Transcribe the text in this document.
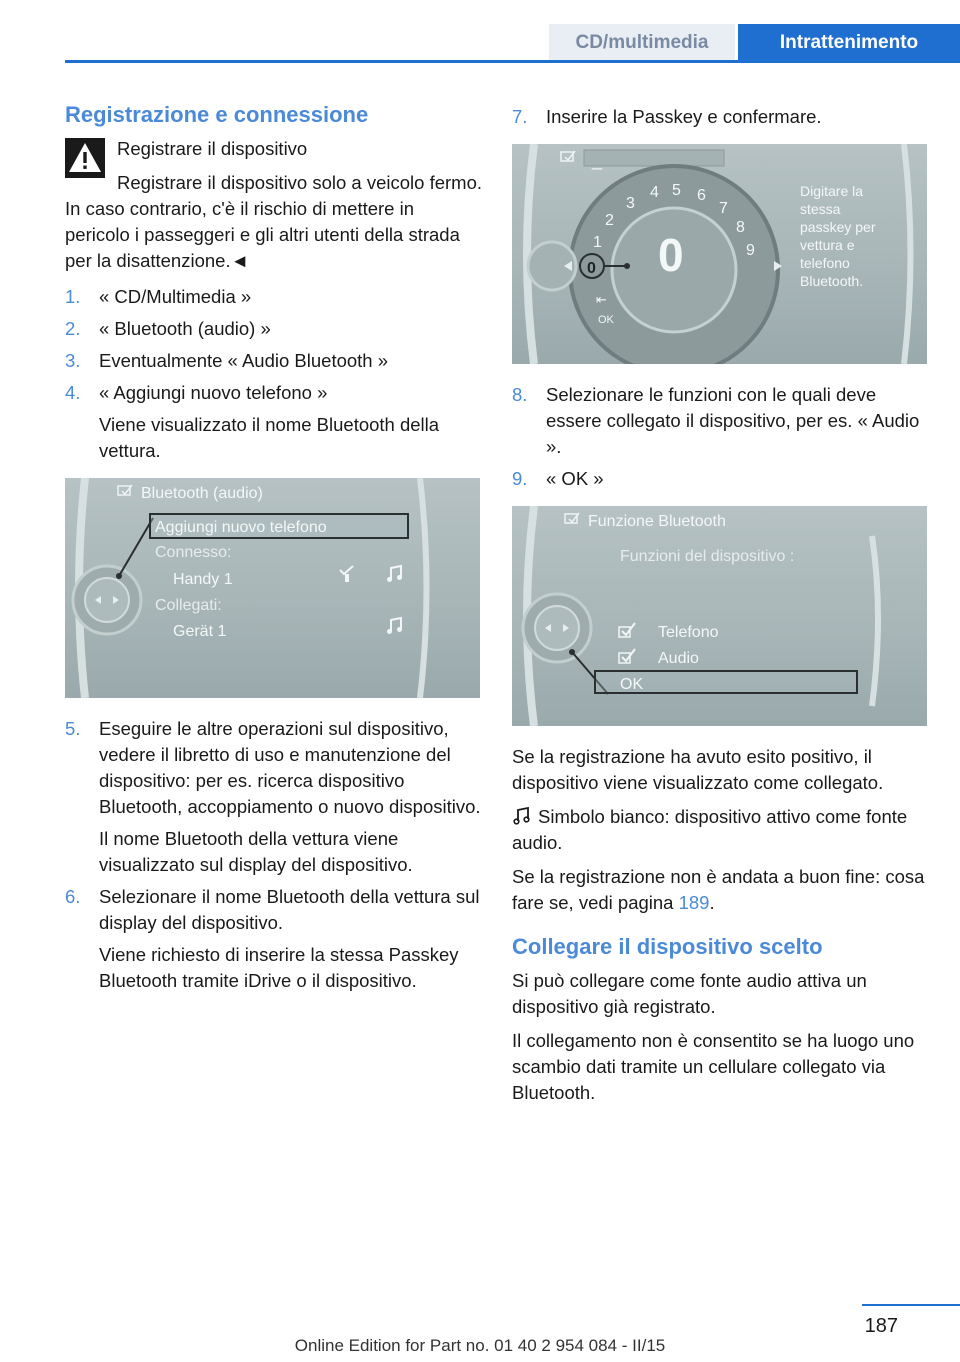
CD/multimedia	Intrattenimento
Registrazione e connessione

Registrare il dispositivo

Registrare il dispositivo solo a veicolo fermo. In caso contrario, c'è il rischio di mettere in pericolo i passeggeri e gli altri utenti della strada per la disattenzione.◄

1. « CD/Multimedia »
2. « Bluetooth (audio) »
3. Eventualmente « Audio Bluetooth »
4. « Aggiungi nuovo telefono »

Viene visualizzato il nome Bluetooth della vettura.

Bluetooth (audio)
Aggiungi nuovo telefono
Connesso:
Handy 1
Collegati:
Gerät 1
5. Eseguire le altre operazioni sul dispositivo, vedere il libretto di uso e manutenzione del dispositivo: per es. ricerca dispositivo Bluetooth, accoppiamento o nuovo dispositivo.

Il nome Bluetooth della vettura viene visualizzato sul display del dispositivo.

6. Selezionare il nome Bluetooth della vettura sul display del dispositivo.

Viene richiesto di inserire la stessa Passkey Bluetooth tramite iDrive o il dispositivo.

7. Inserire la Passkey e confermare.
_
1
2
3
4 5 6
7
8
9
0 0
⇤
OK
Digitare la
stessa
passkey per
vettura e
telefono
Bluetooth.
8. Selezionare le funzioni con le quali deve essere collegato il dispositivo, per es. « Audio ».
9. « OK »
Funzione Bluetooth
Funzioni del dispositivo :
Telefono
Audio
OK

Se la registrazione ha avuto esito positivo, il dispositivo viene visualizzato come collegato.

Simbolo bianco: dispositivo attivo come fonte audio.

Se la registrazione non è andata a buon fine: cosa fare se, vedi pagina 189.

Collegare il dispositivo scelto

Si può collegare come fonte audio attiva un dispositivo già registrato.

Il collegamento non è consentito se ha luogo uno scambio dati tramite un cellulare collegato via Bluetooth.

187
Online Edition for Part no. 01 40 2 954 084 - II/15
